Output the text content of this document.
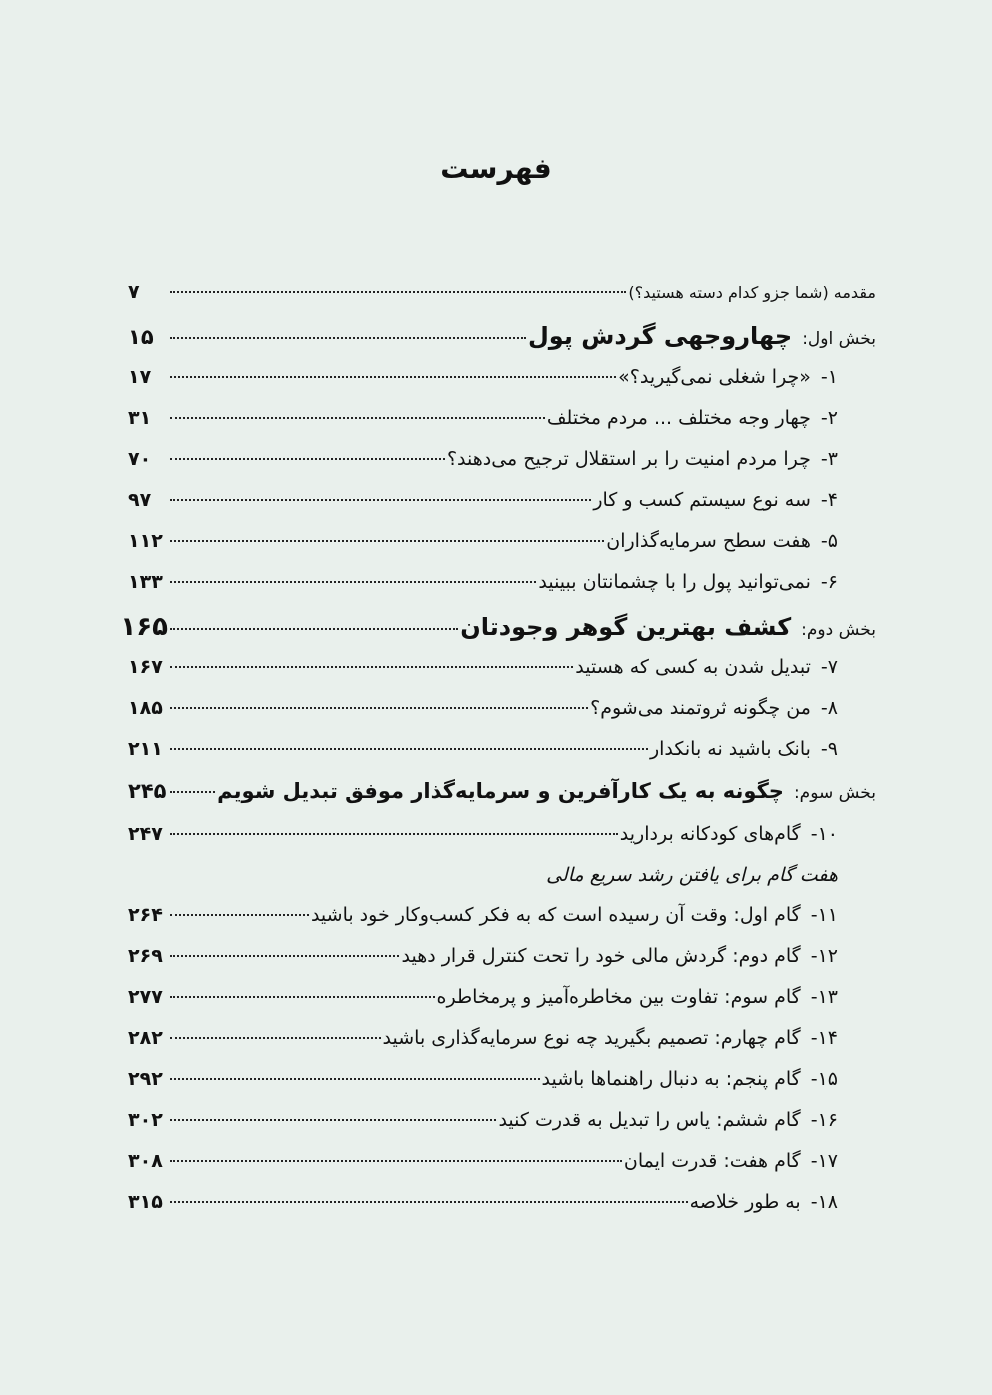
فهرست
مقدمه (شما جزو کدام دسته هستید؟)
۷
بخش اول:
چهاروجهی گردش پول
۱۵
۱-
«چرا شغلی نمی‌گیرید؟»
۱۷
۲-
چهار وجه مختلف ... مردم مختلف
۳۱
۳-
چرا مردم امنیت را بر استقلال ترجیح می‌دهند؟
۷۰
۴-
سه نوع سیستم کسب و کار
۹۷
۵-
هفت سطح سرمایه‌گذاران
۱۱۲
۶-
نمی‌توانید پول را با چشمانتان ببینید
۱۳۳
بخش دوم:
کشف بهترین گوهر وجودتان
۱۶۵
۷-
تبدیل شدن به کسی که هستید
۱۶۷
۸-
من چگونه ثروتمند می‌شوم؟
۱۸۵
۹-
بانک باشید نه بانکدار
۲۱۱
بخش سوم:
چگونه به یک کارآفرین و سرمایه‌گذار موفق تبدیل شویم
۲۴۵
۱۰-
گام‌های کودکانه بردارید
۲۴۷
هفت گام برای یافتن رشد سریع مالی
۱۱-
گام اول: وقت آن رسیده است که به فکر کسب‌وکار خود باشید
۲۶۴
۱۲-
گام دوم: گردش مالی خود را تحت کنترل قرار دهید
۲۶۹
۱۳-
گام سوم: تفاوت بین مخاطره‌آمیز و پرمخاطره
۲۷۷
۱۴-
گام چهارم: تصمیم بگیرید چه نوع سرمایه‌گذاری باشید
۲۸۲
۱۵-
گام پنجم: به دنبال راهنماها باشید
۲۹۲
۱۶-
گام ششم: یاس را تبدیل به قدرت کنید
۳۰۲
۱۷-
گام هفت: قدرت ایمان
۳۰۸
۱۸-
به طور خلاصه
۳۱۵
